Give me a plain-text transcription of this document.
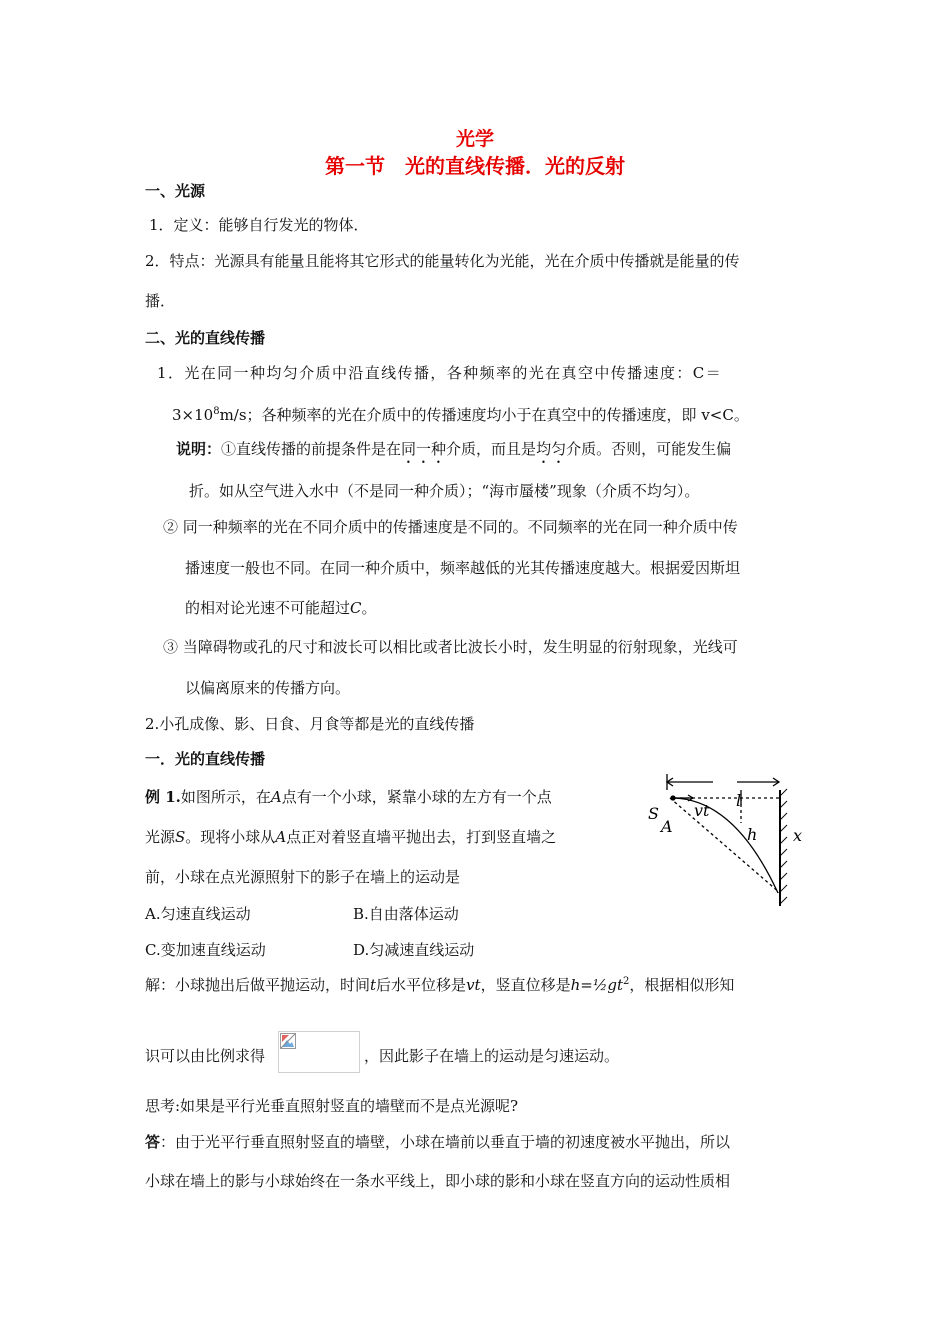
光学
第一节　光的直线传播．光的反射
一、光源
1．定义：能够自行发光的物体．
2．特点：光源具有能量且能将其它形式的能量转化为光能，光在介质中传播就是能量的传
播．
二、光的直线传播
1．光在同一种均匀介质中沿直线传播，各种频率的光在真空中传播速度：C＝
$3\times 10^8m/s$；各种频率的光在介质中的传播速度均小于在真空中的传播速度，即 v<C。
说明：①直线传播的前提条件是在同一种介质，而且是均匀介质。否则，可能发生偏
折。如从空气进入水中（不是同一种介质）；“海市蜃楼”现象（介质不均匀）。
② 同一种频率的光在不同介质中的传播速度是不同的。不同频率的光在同一种介质中传
播速度一般也不同。在同一种介质中，频率越低的光其传播速度越大。根据爱因斯坦
的相对论光速不可能超过C。
③ 当障碍物或孔的尺寸和波长可以相比或者比波长小时，发生明显的衍射现象，光线可
以偏离原来的传播方向。
2.小孔成像、影、日食、月食等都是光的直线传播
一．光的直线传播
例 1.如图所示，在A点有一个小球，紧靠小球的左方有一个点
光源S。现将小球从A点正对着竖直墙平抛出去，打到竖直墙之
前，小球在点光源照射下的影子在墙上的运动是
A.匀速直线运动	B.自由落体运动
C.变加速直线运动	D.匀减速直线运动
解：小球抛出后做平抛运动，时间t后水平位移是vt，竖直位移是$h=\frac{1}{2}gt^2$，根据相似形知
识可以由比例求得	，因此影子在墙上的运动是匀速运动。
思考:如果是平行光垂直照射竖直的墙壁而不是点光源呢?
答：由于光平行垂直照射竖直的墙壁，小球在墙前以垂直于墙的初速度被水平抛出，所以
小球在墙上的影与小球始终在一条水平线上，即小球的影和小球在竖直方向的运动性质相
S
A
vt
l
h x
